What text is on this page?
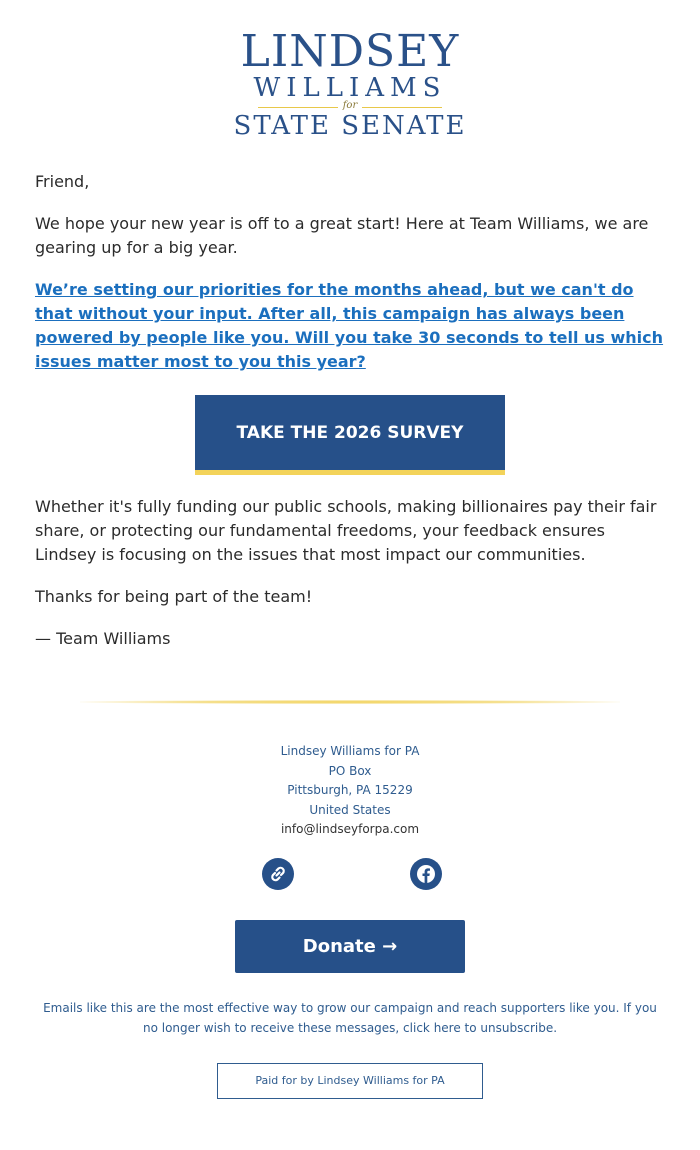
LINDSEY
WILLIAMS
for
STATE SENATE
Friend,
We hope your new year is off to a great start! Here at Team Williams, we are gearing up for a big year.
We’re setting our priorities for the months ahead, but we can't do that without your input. After all, this campaign has always been powered by people like you. Will you take 30 seconds to tell us which issues matter most to you this year?
Whether it's fully funding our public schools, making billionaires pay their fair share, or protecting our fundamental freedoms, your feedback ensures Lindsey is focusing on the issues that most impact our communities.
Thanks for being part of the team!
— Team Williams
TAKE THE 2026 SURVEY
Lindsey Williams for PA
PO Box
Pittsburgh, PA 15229
United States
info@lindseyforpa.com
Donate →
Emails like this are the most effective way to grow our campaign and reach supporters like you. If you no longer wish to receive these messages, click here to unsubscribe.
Paid for by Lindsey Williams for PA
